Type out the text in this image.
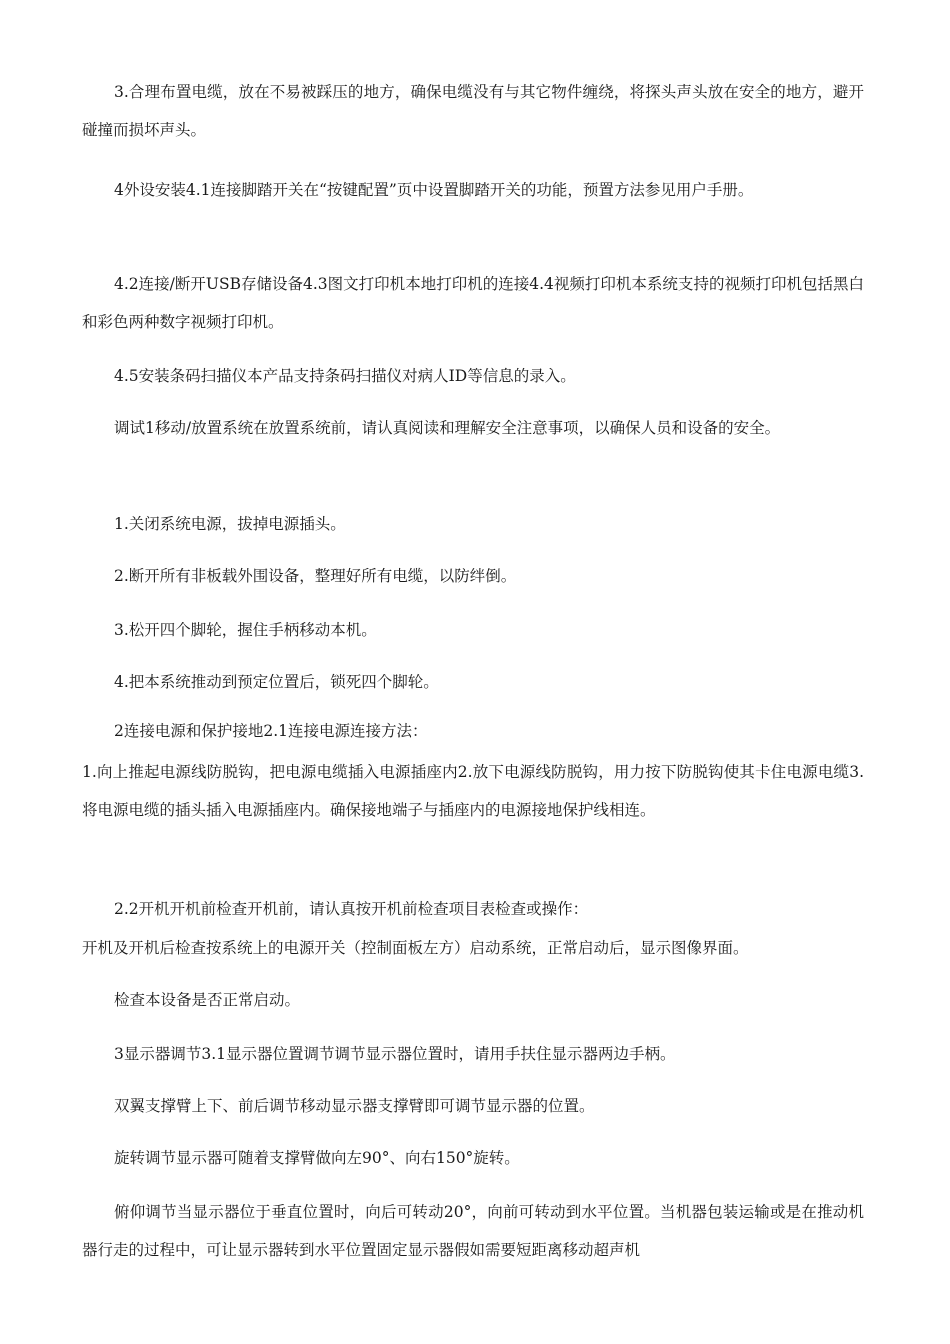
3.合理布置电缆，放在不易被踩压的地方，确保电缆没有与其它物件缠绕，将探头声头放在安全的地方，避开碰撞而损坏声头。

4外设安装4.1连接脚踏开关在“按键配置”页中设置脚踏开关的功能，预置方法参见用户手册。

4.2连接/断开USB存储设备4.3图文打印机本地打印机的连接4.4视频打印机本系统支持的视频打印机包括黑白和彩色两种数字视频打印机。

4.5安装条码扫描仪本产品支持条码扫描仪对病人ID等信息的录入。

调试1移动/放置系统在放置系统前，请认真阅读和理解安全注意事项，以确保人员和设备的安全。

1.关闭系统电源，拔掉电源插头。

2.断开所有非板载外围设备，整理好所有电缆，以防绊倒。

3.松开四个脚轮，握住手柄移动本机。

4.把本系统推动到预定位置后，锁死四个脚轮。

2连接电源和保护接地2.1连接电源连接方法：

1.向上推起电源线防脱钩，把电源电缆插入电源插座内2.放下电源线防脱钩，用力按下防脱钩使其卡住电源电缆3.将电源电缆的插头插入电源插座内。确保接地端子与插座内的电源接地保护线相连。

2.2开机开机前检查开机前，请认真按开机前检查项目表检查或操作：

开机及开机后检查按系统上的电源开关（控制面板左方）启动系统，正常启动后，显示图像界面。

检查本设备是否正常启动。

3显示器调节3.1显示器位置调节调节显示器位置时，请用手扶住显示器两边手柄。

双翼支撑臂上下、前后调节移动显示器支撑臂即可调节显示器的位置。

旋转调节显示器可随着支撑臂做向左90°、向右150°旋转。

俯仰调节当显示器位于垂直位置时，向后可转动20°，向前可转动到水平位置。当机器包装运输或是在推动机器行走的过程中，可让显示器转到水平位置固定显示器假如需要短距离移动超声机
